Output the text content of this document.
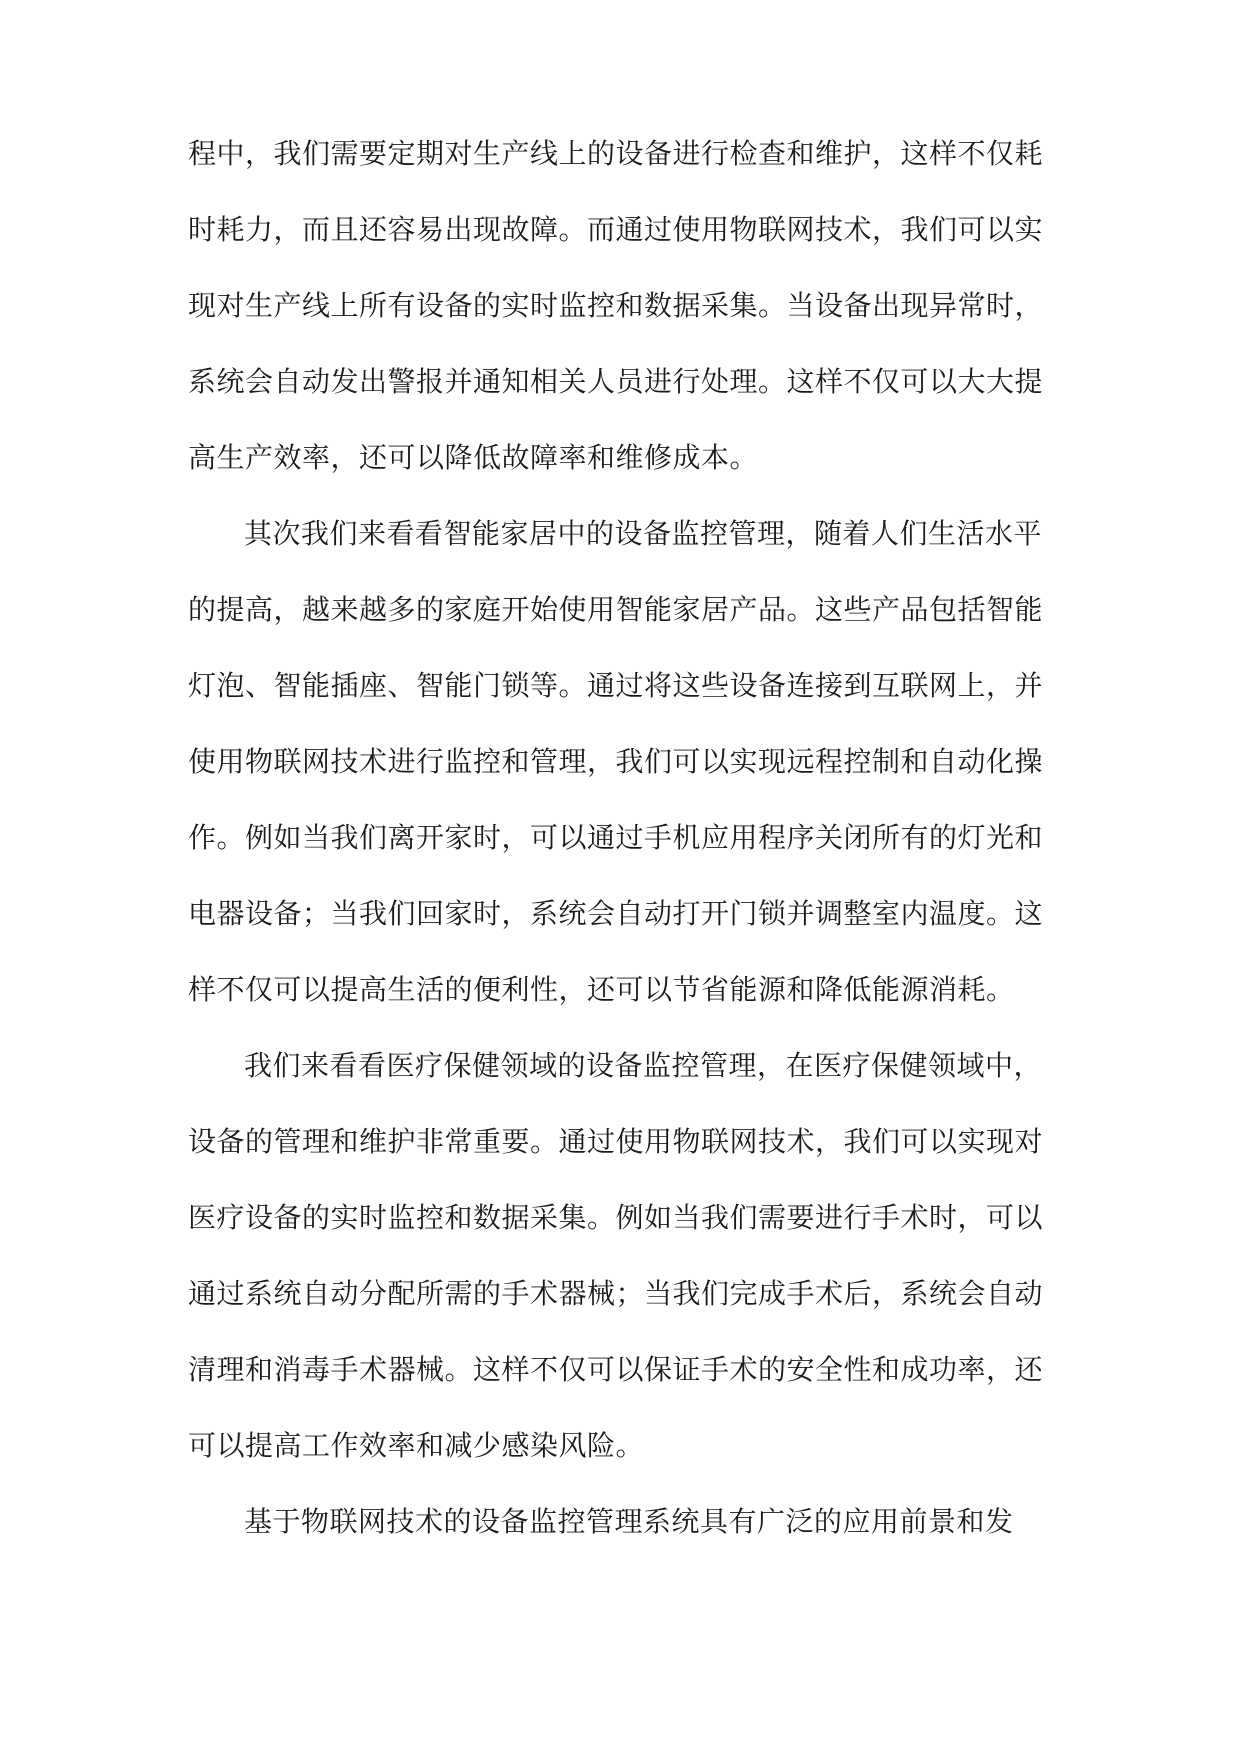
程中，我们需要定期对生产线上的设备进行检查和维护，这样不仅耗
时耗力，而且还容易出现故障。而通过使用物联网技术，我们可以实
现对生产线上所有设备的实时监控和数据采集。当设备出现异常时，
系统会自动发出警报并通知相关人员进行处理。这样不仅可以大大提
高生产效率，还可以降低故障率和维修成本。
其次我们来看看智能家居中的设备监控管理，随着人们生活水平
的提高，越来越多的家庭开始使用智能家居产品。这些产品包括智能
灯泡、智能插座、智能门锁等。通过将这些设备连接到互联网上，并
使用物联网技术进行监控和管理，我们可以实现远程控制和自动化操
作。例如当我们离开家时，可以通过手机应用程序关闭所有的灯光和
电器设备；当我们回家时，系统会自动打开门锁并调整室内温度。这
样不仅可以提高生活的便利性，还可以节省能源和降低能源消耗。
我们来看看医疗保健领域的设备监控管理，在医疗保健领域中，
设备的管理和维护非常重要。通过使用物联网技术，我们可以实现对
医疗设备的实时监控和数据采集。例如当我们需要进行手术时，可以
通过系统自动分配所需的手术器械；当我们完成手术后，系统会自动
清理和消毒手术器械。这样不仅可以保证手术的安全性和成功率，还
可以提高工作效率和减少感染风险。
基于物联网技术的设备监控管理系统具有广泛的应用前景和发
